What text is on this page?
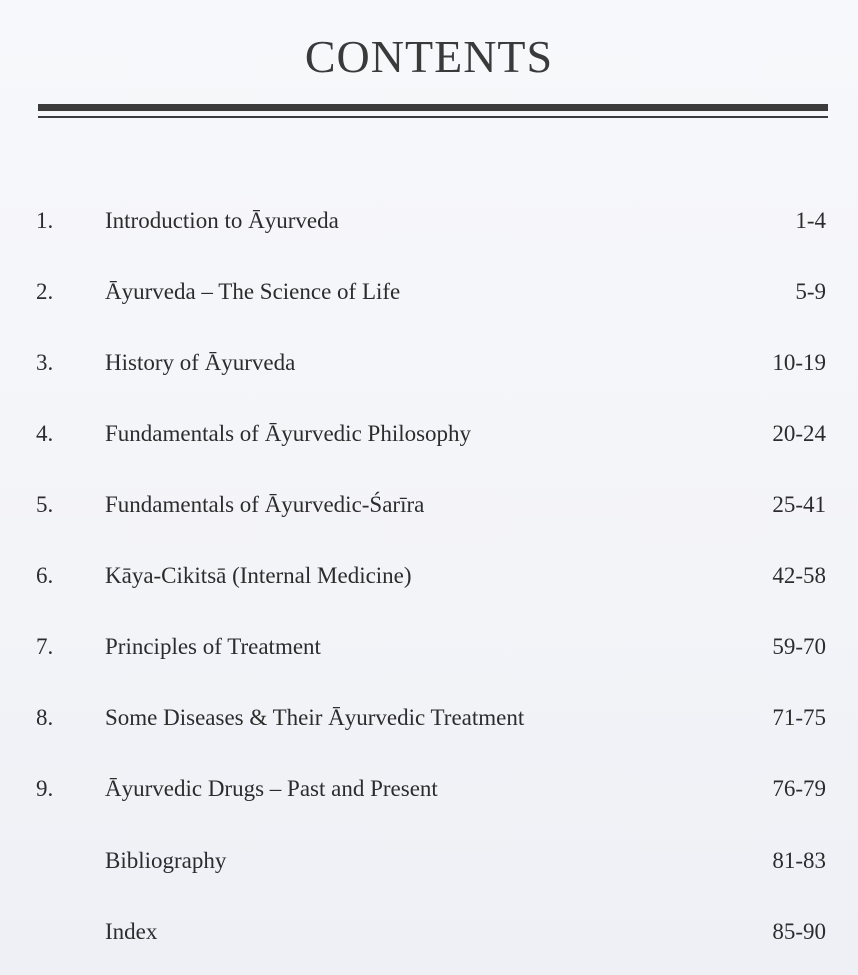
CONTENTS
1. Introduction to Āyurveda	1-4
2. Āyurveda – The Science of Life	5-9
3. History of Āyurveda	10-19
4. Fundamentals of Āyurvedic Philosophy	20-24
5. Fundamentals of Āyurvedic-Śarīra	25-41
6. Kāya-Cikitsā (Internal Medicine)	42-58
7. Principles of Treatment	59-70
8. Some Diseases & Their Āyurvedic Treatment	71-75
9. Āyurvedic Drugs – Past and Present	76-79
Bibliography	81-83
Index	85-90
